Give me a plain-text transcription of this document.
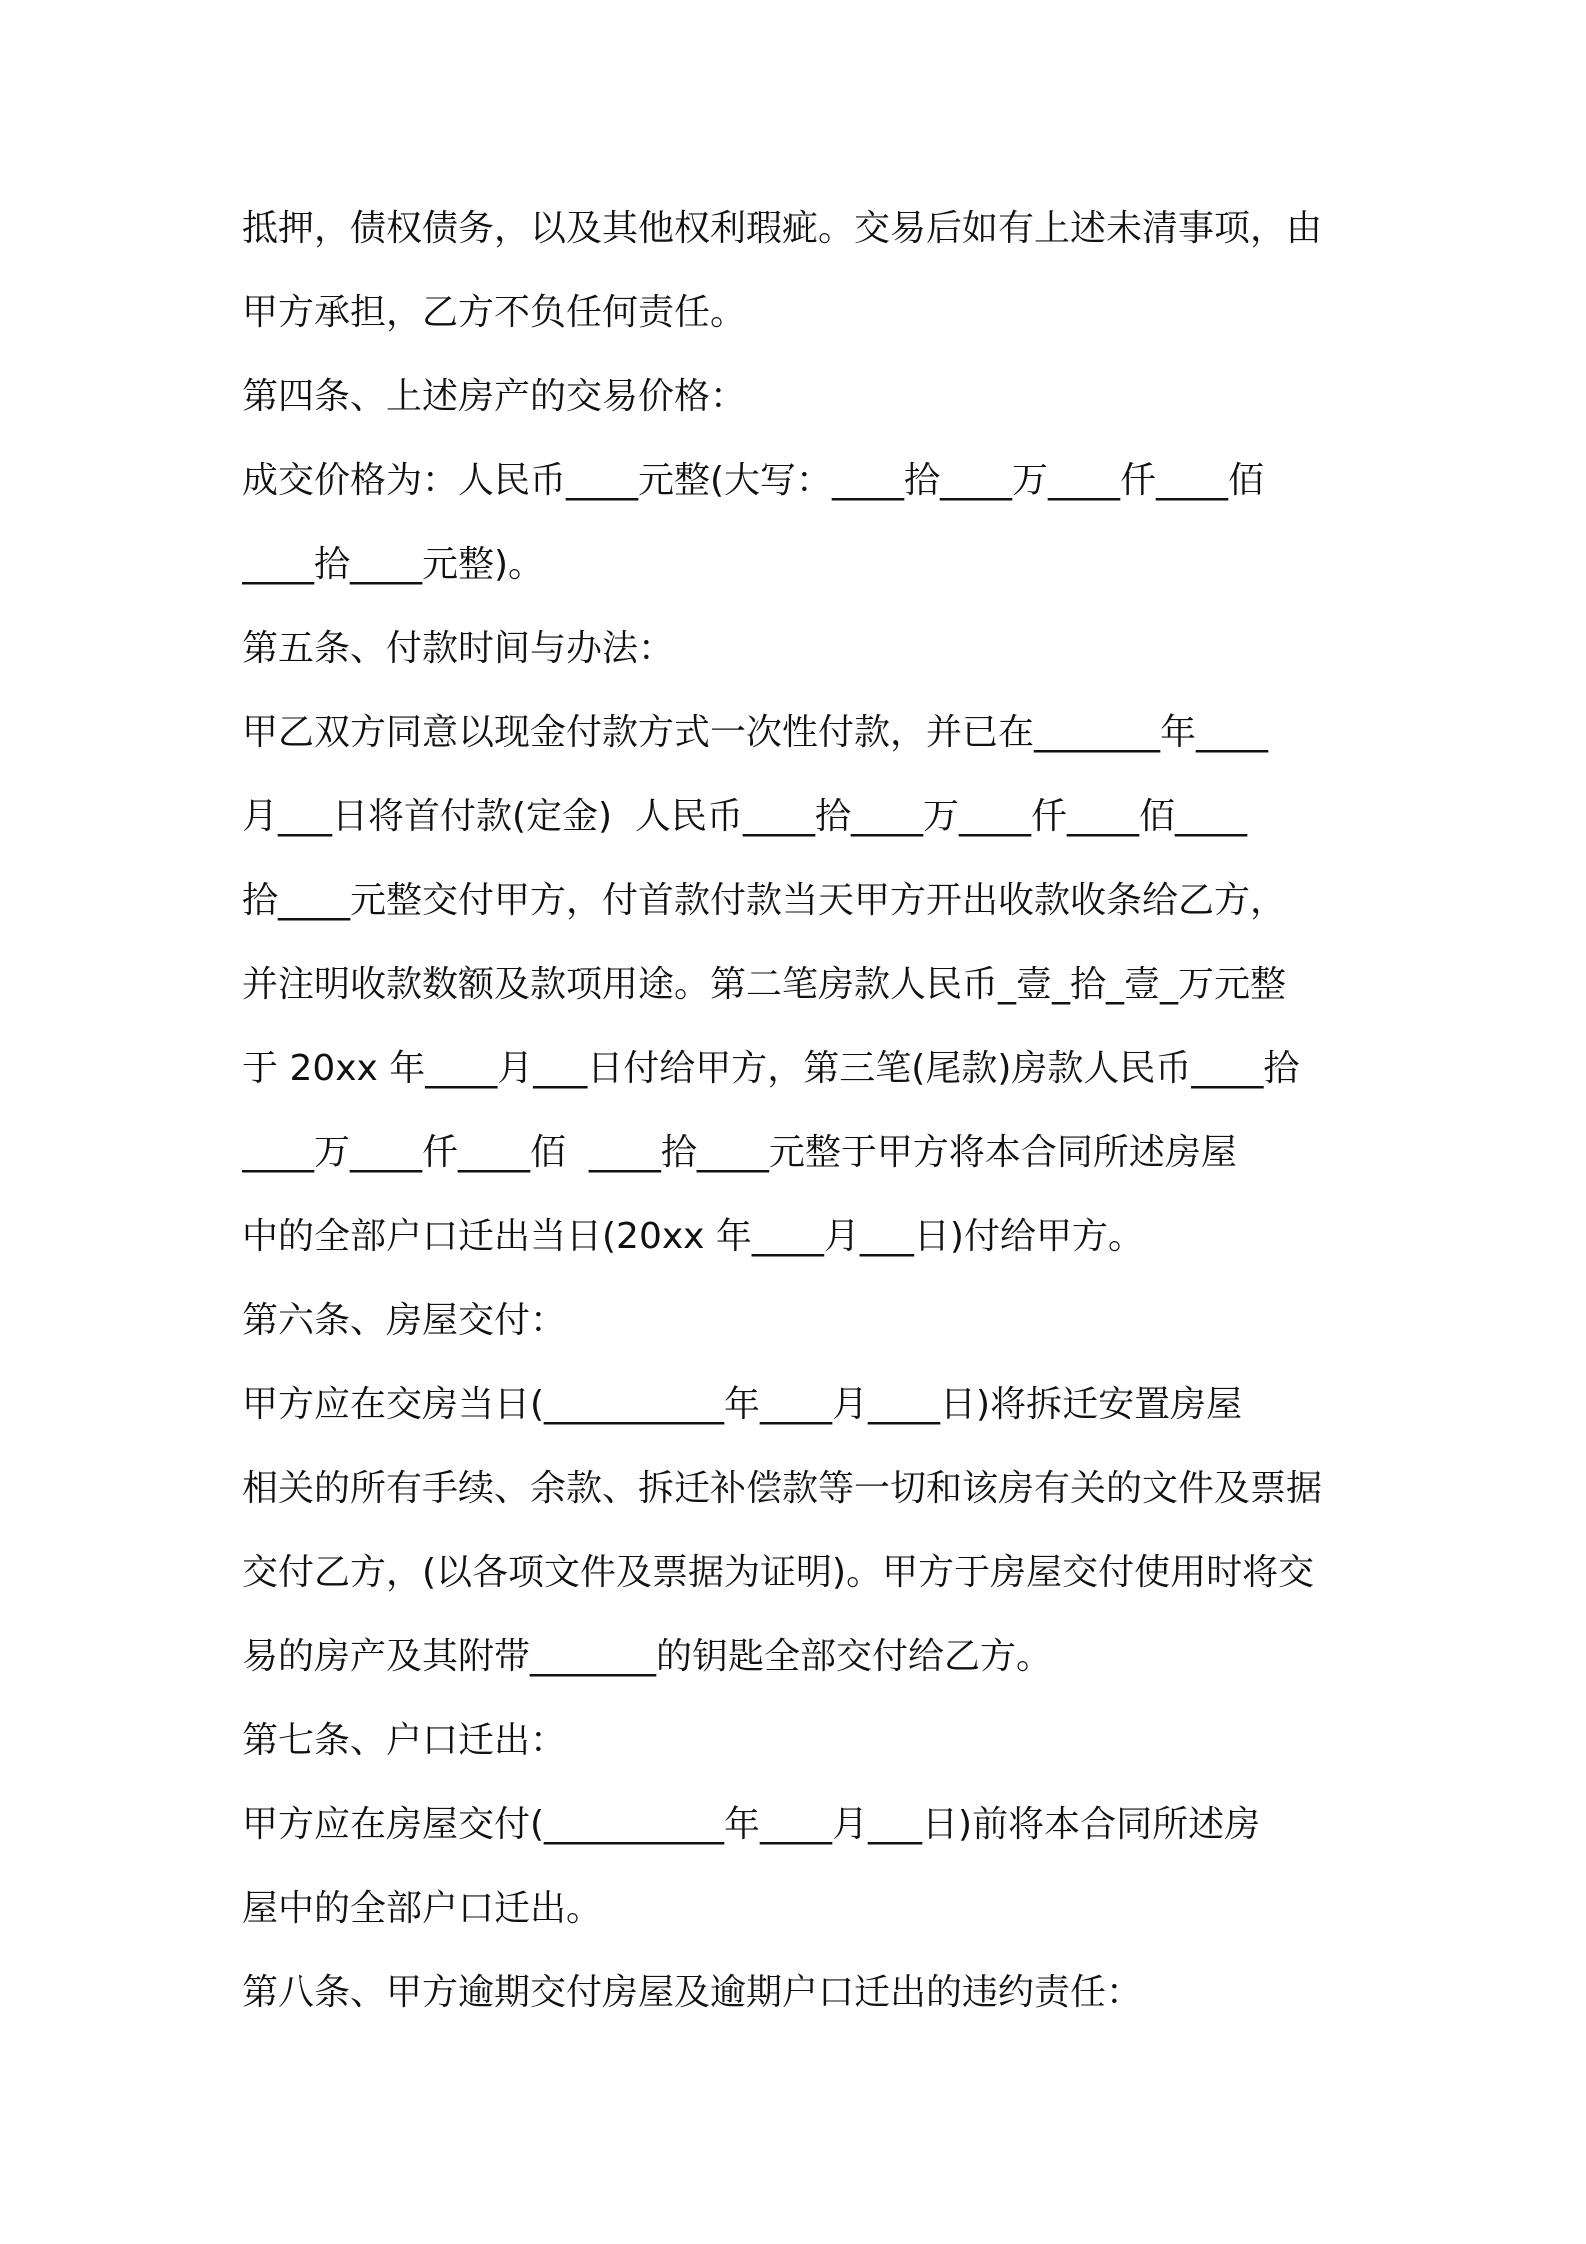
抵押，债权债务，以及其他权利瑕疵。交易后如有上述未清事项，由

甲方承担，乙方不负任何责任。

第四条、上述房产的交易价格：

成交价格为：人民币____元整(大写：____拾____万____仟____佰

____拾____元整)。

第五条、付款时间与办法：

甲乙双方同意以现金付款方式一次性付款，并已在_______年____

月___日将首付款(定金)  人民币____拾____万____仟____佰____

拾____元整交付甲方，付首款付款当天甲方开出收款收条给乙方，

并注明收款数额及款项用途。第二笔房款人民币_壹_拾_壹_万元整

于 20xx 年____月___日付给甲方，第三笔(尾款)房款人民币____拾

____万____仟____佰  ____拾____元整于甲方将本合同所述房屋

中的全部户口迁出当日(20xx 年____月___日)付给甲方。

第六条、房屋交付：

甲方应在交房当日(__________年____月____日)将拆迁安置房屋

相关的所有手续、余款、拆迁补偿款等一切和该房有关的文件及票据

交付乙方，(以各项文件及票据为证明)。甲方于房屋交付使用时将交

易的房产及其附带_______的钥匙全部交付给乙方。

第七条、户口迁出：

甲方应在房屋交付(__________年____月___日)前将本合同所述房

屋中的全部户口迁出。

第八条、甲方逾期交付房屋及逾期户口迁出的违约责任：
